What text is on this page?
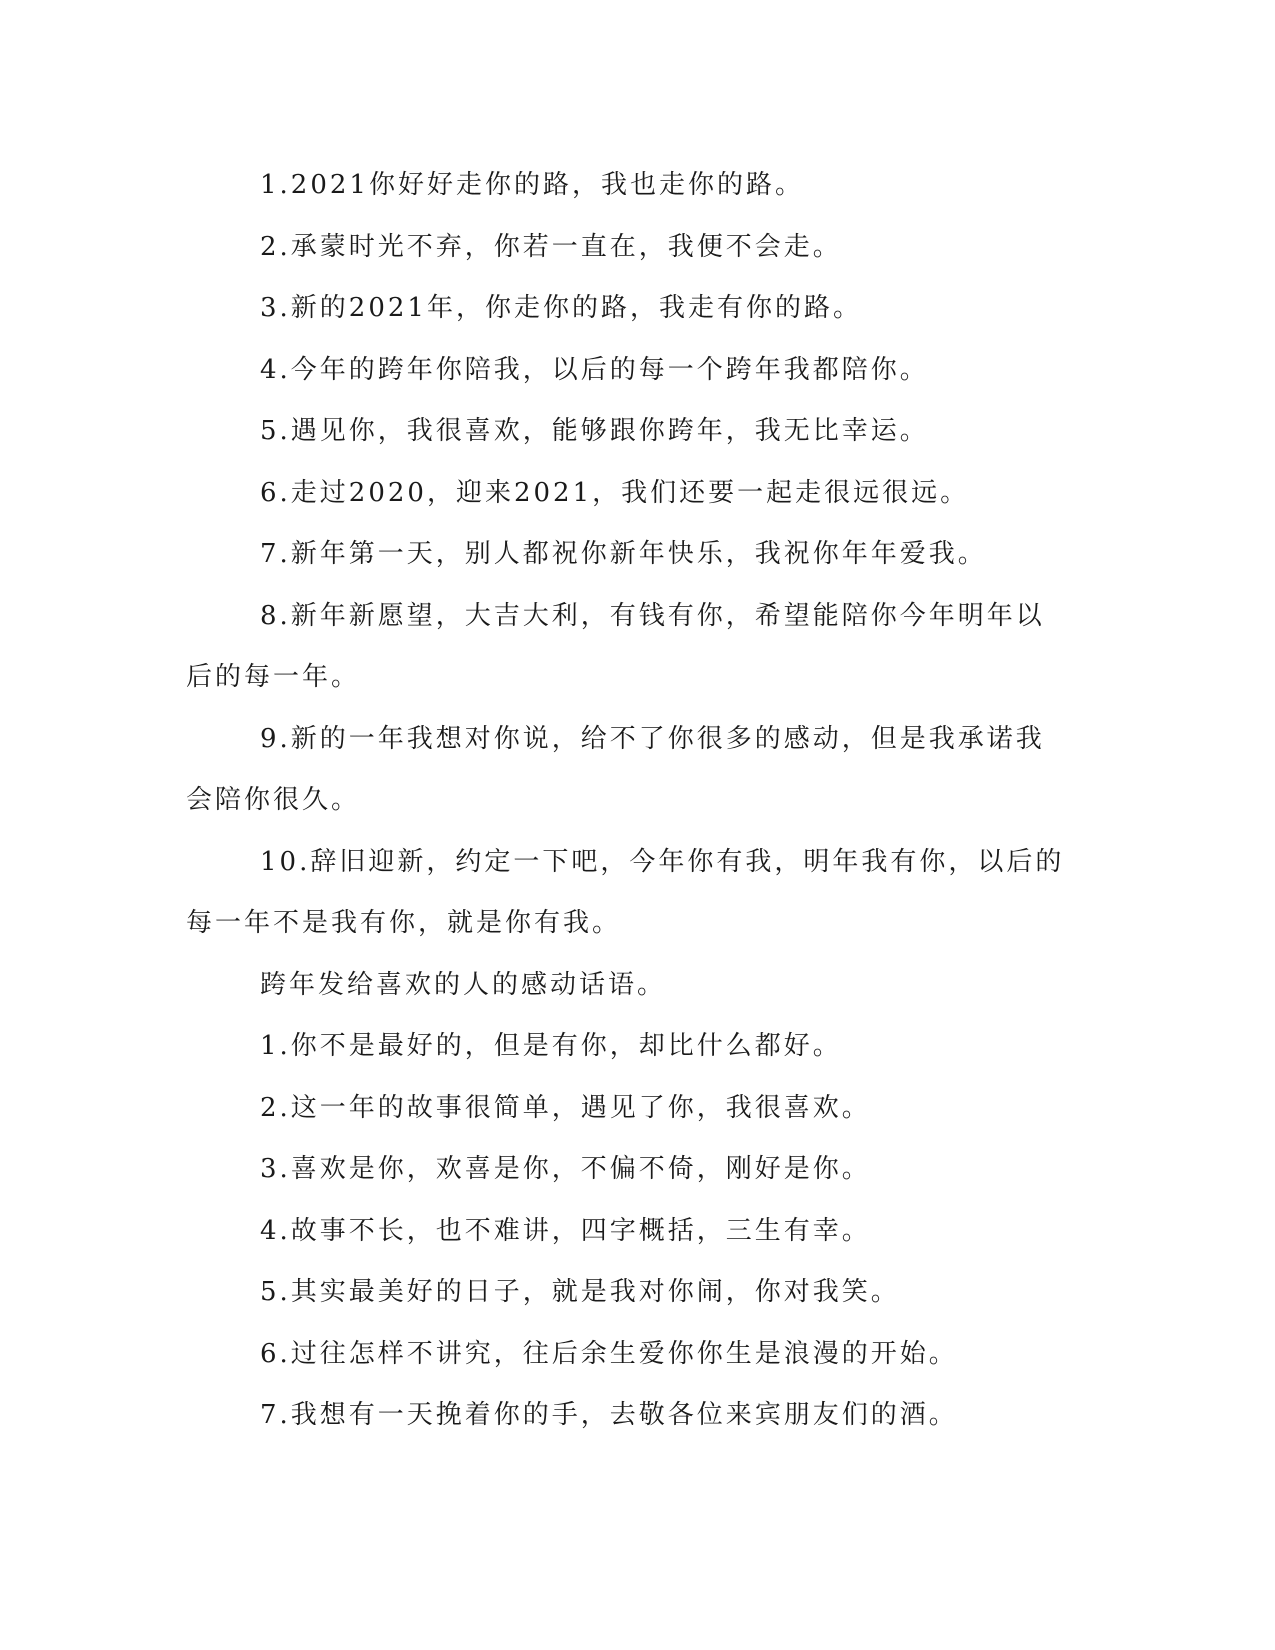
1.2021你好好走你的路，我也走你的路。

2.承蒙时光不弃，你若一直在，我便不会走。

3.新的2021年，你走你的路，我走有你的路。

4.今年的跨年你陪我，以后的每一个跨年我都陪你。

5.遇见你，我很喜欢，能够跟你跨年，我无比幸运。

6.走过2020，迎来2021，我们还要一起走很远很远。

7.新年第一天，别人都祝你新年快乐，我祝你年年爱我。

8.新年新愿望，大吉大利，有钱有你，希望能陪你今年明年以后的每一年。

9.新的一年我想对你说，给不了你很多的感动，但是我承诺我会陪你很久。

10.辞旧迎新，约定一下吧，今年你有我，明年我有你，以后的每一年不是我有你，就是你有我。

跨年发给喜欢的人的感动话语。

1.你不是最好的，但是有你，却比什么都好。

2.这一年的故事很简单，遇见了你，我很喜欢。

3.喜欢是你，欢喜是你，不偏不倚，刚好是你。

4.故事不长，也不难讲，四字概括，三生有幸。

5.其实最美好的日子，就是我对你闹，你对我笑。

6.过往怎样不讲究，往后余生爱你你生是浪漫的开始。

7.我想有一天挽着你的手，去敬各位来宾朋友们的酒。
